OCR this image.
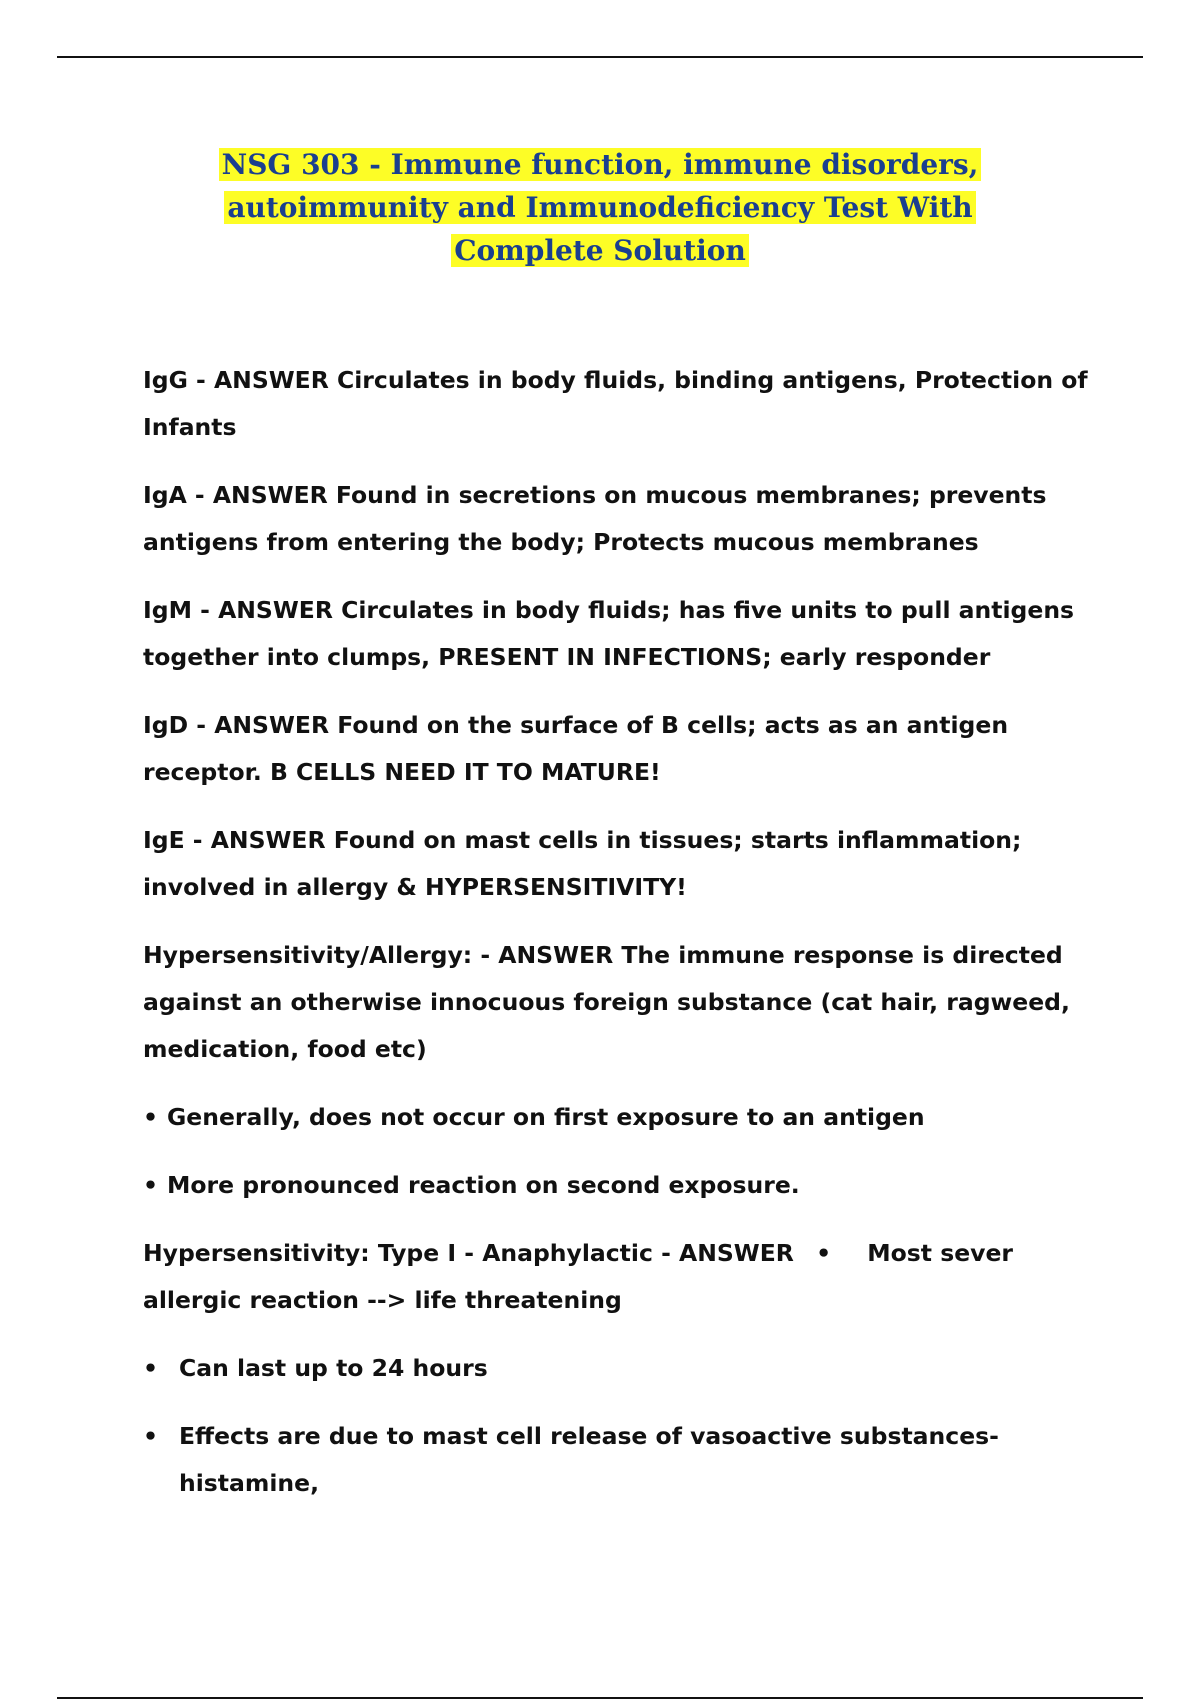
NSG 303 - Immune function, immune disorders,
autoimmunity and Immunodeficiency Test With
Complete Solution

IgG - ANSWER Circulates in body fluids, binding antigens, Protection of Infants

IgA - ANSWER Found in secretions on mucous membranes; prevents antigens from entering the body; Protects mucous membranes

IgM - ANSWER Circulates in body fluids; has five units to pull antigens together into clumps, PRESENT IN INFECTIONS; early responder

IgD - ANSWER Found on the surface of B cells; acts as an antigen receptor. B CELLS NEED IT TO MATURE!

IgE - ANSWER Found on mast cells in tissues; starts inflammation; involved in allergy & HYPERSENSITIVITY!

Hypersensitivity/Allergy: - ANSWER The immune response is directed against an otherwise innocuous foreign substance (cat hair, ragweed, medication, food etc)

• Generally, does not occur on first exposure to an antigen
• More pronounced reaction on second exposure.

Hypersensitivity: Type I - Anaphylactic - ANSWER • Most sever allergic reaction --> life threatening

• Can last up to 24 hours
• Effects are due to mast cell release of vasoactive substances-histamine,
